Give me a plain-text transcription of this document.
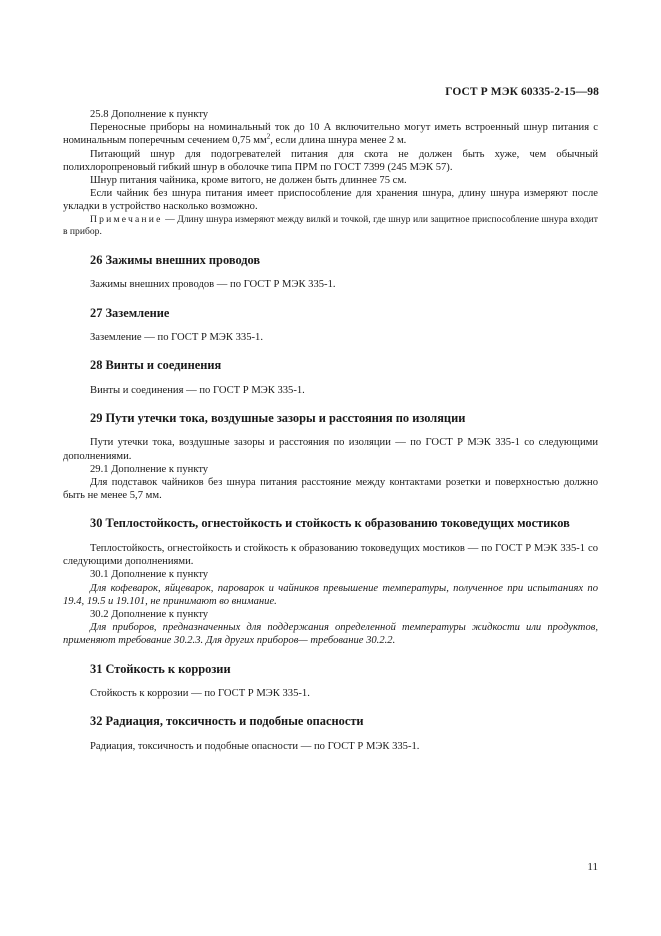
ГОСТ Р МЭК 60335-2-15—98

25.8 Дополнение к пункту

Переносные приборы на номинальный ток до 10 А включительно могут иметь встроенный шнур питания с номинальным поперечным сечением 0,75 $мм^2$, если длина шнура менее 2 м.

Питающий шнур для подогревателей питания для скота не должен быть хуже, чем обычный полихлоропреновый гибкий шнур в оболочке типа ПРМ по ГОСТ 7399 (245 МЭК 57).

Шнур питания чайника, кроме витого, не должен быть длиннее 75 см.

Если чайник без шнура питания имеет приспособление для хранения шнура, длину шнура измеряют после укладки в устройство насколько возможно.

Примечание — Длину шнура измеряют между вилкй и точкой, где шнур или защитное приспособление шнура входит в прибор.

26 Зажимы внешних проводов

Зажимы внешних проводов — по ГОСТ Р МЭК 335-1.

27 Заземление

Заземление — по ГОСТ Р МЭК 335-1.

28 Винты и соединения

Винты и соединения — по ГОСТ Р МЭК 335-1.

29 Пути утечки тока, воздушные зазоры и расстояния по изоляции

Пути утечки тока, воздушные зазоры и расстояния по изоляции — по ГОСТ Р МЭК 335-1 со следующими дополнениями.

29.1 Дополнение к пункту

Для подставок чайников без шнура питания расстояние между контактами розетки и поверхностью должно быть не менее 5,7 мм.

30 Теплостойкость, огнестойкость и стойкость к образованию токоведущих мостиков

Теплостойкость, огнестойкость и стойкость к образованию токоведущих мостиков — по ГОСТ Р МЭК 335-1 со следующими дополнениями.

30.1 Дополнение к пункту

Для кофеварок, яйцеварок, пароварок и чайников превышение температуры, полученное при испытаниях по 19.4, 19.5 и 19.101, не принимают во внимание.

30.2 Дополнение к пункту

Для приборов, предназначенных для поддержания определенной температуры жидкости или продуктов, применяют требование 30.2.3. Для других приборов— требование 30.2.2.

31 Стойкость к коррозии

Стойкость к коррозии — по ГОСТ Р МЭК 335-1.

32 Радиация, токсичность и подобные опасности

Радиация, токсичность и подобные опасности — по ГОСТ Р МЭК 335-1.

11
